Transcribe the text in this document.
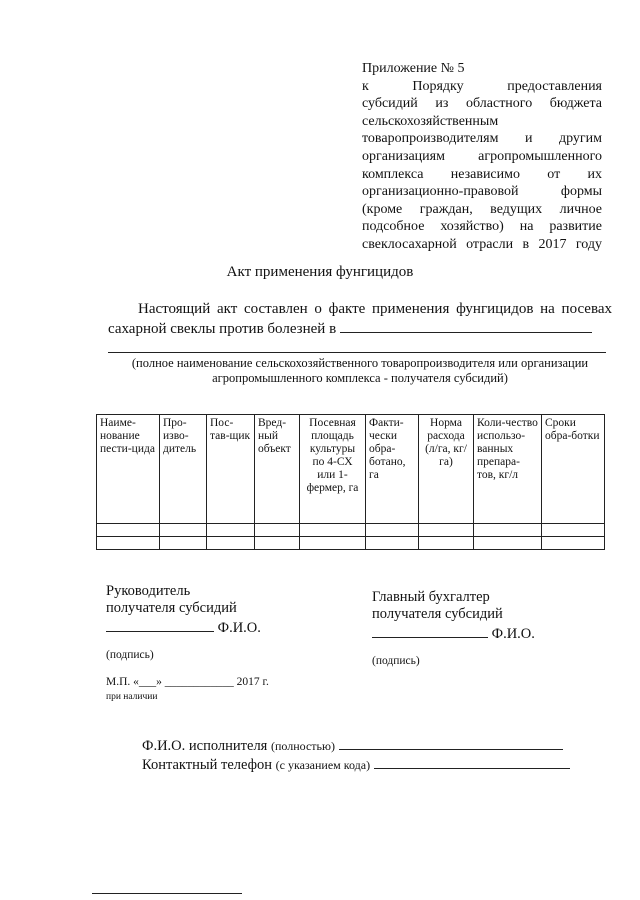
Приложение № 5
к Порядку предоставления
субсидий из областного бюджета
сельскохозяйственным
товаропроизводителям и другим
организациям агропромышленного
комплекса независимо от их
организационно-правовой формы
(кроме граждан, ведущих личное
подсобное хозяйство) на развитие
свеклосахарной отрасли в 2017 году
Акт применения фунгицидов
Настоящий акт составлен о факте применения фунгицидов на посевах
сахарной свеклы против болезней в
(полное наименование сельскохозяйственного товаропроизводителя или организации агропромышленного комплекса - получателя субсидий)
Наиме-нование пести-цида	Про-изво-дитель	Пос-тав-щик	Вред-ный объект	Посевная площадь культуры по 4-СХ или 1-фермер, га	Факти-чески обра-ботано, га	Норма расхода (л/га, кг/га)	Коли-чество использо-ванных препара-тов, кг/л	Сроки обра-ботки

Руководитель
получателя субсидий
Ф.И.О.
(подпись)
М.П. «___» ____________ 2017 г.
при наличии
Главный бухгалтер
получателя субсидий
Ф.И.О.
(подпись)
Ф.И.О. исполнителя (полностью)
Контактный телефон (с указанием кода)
